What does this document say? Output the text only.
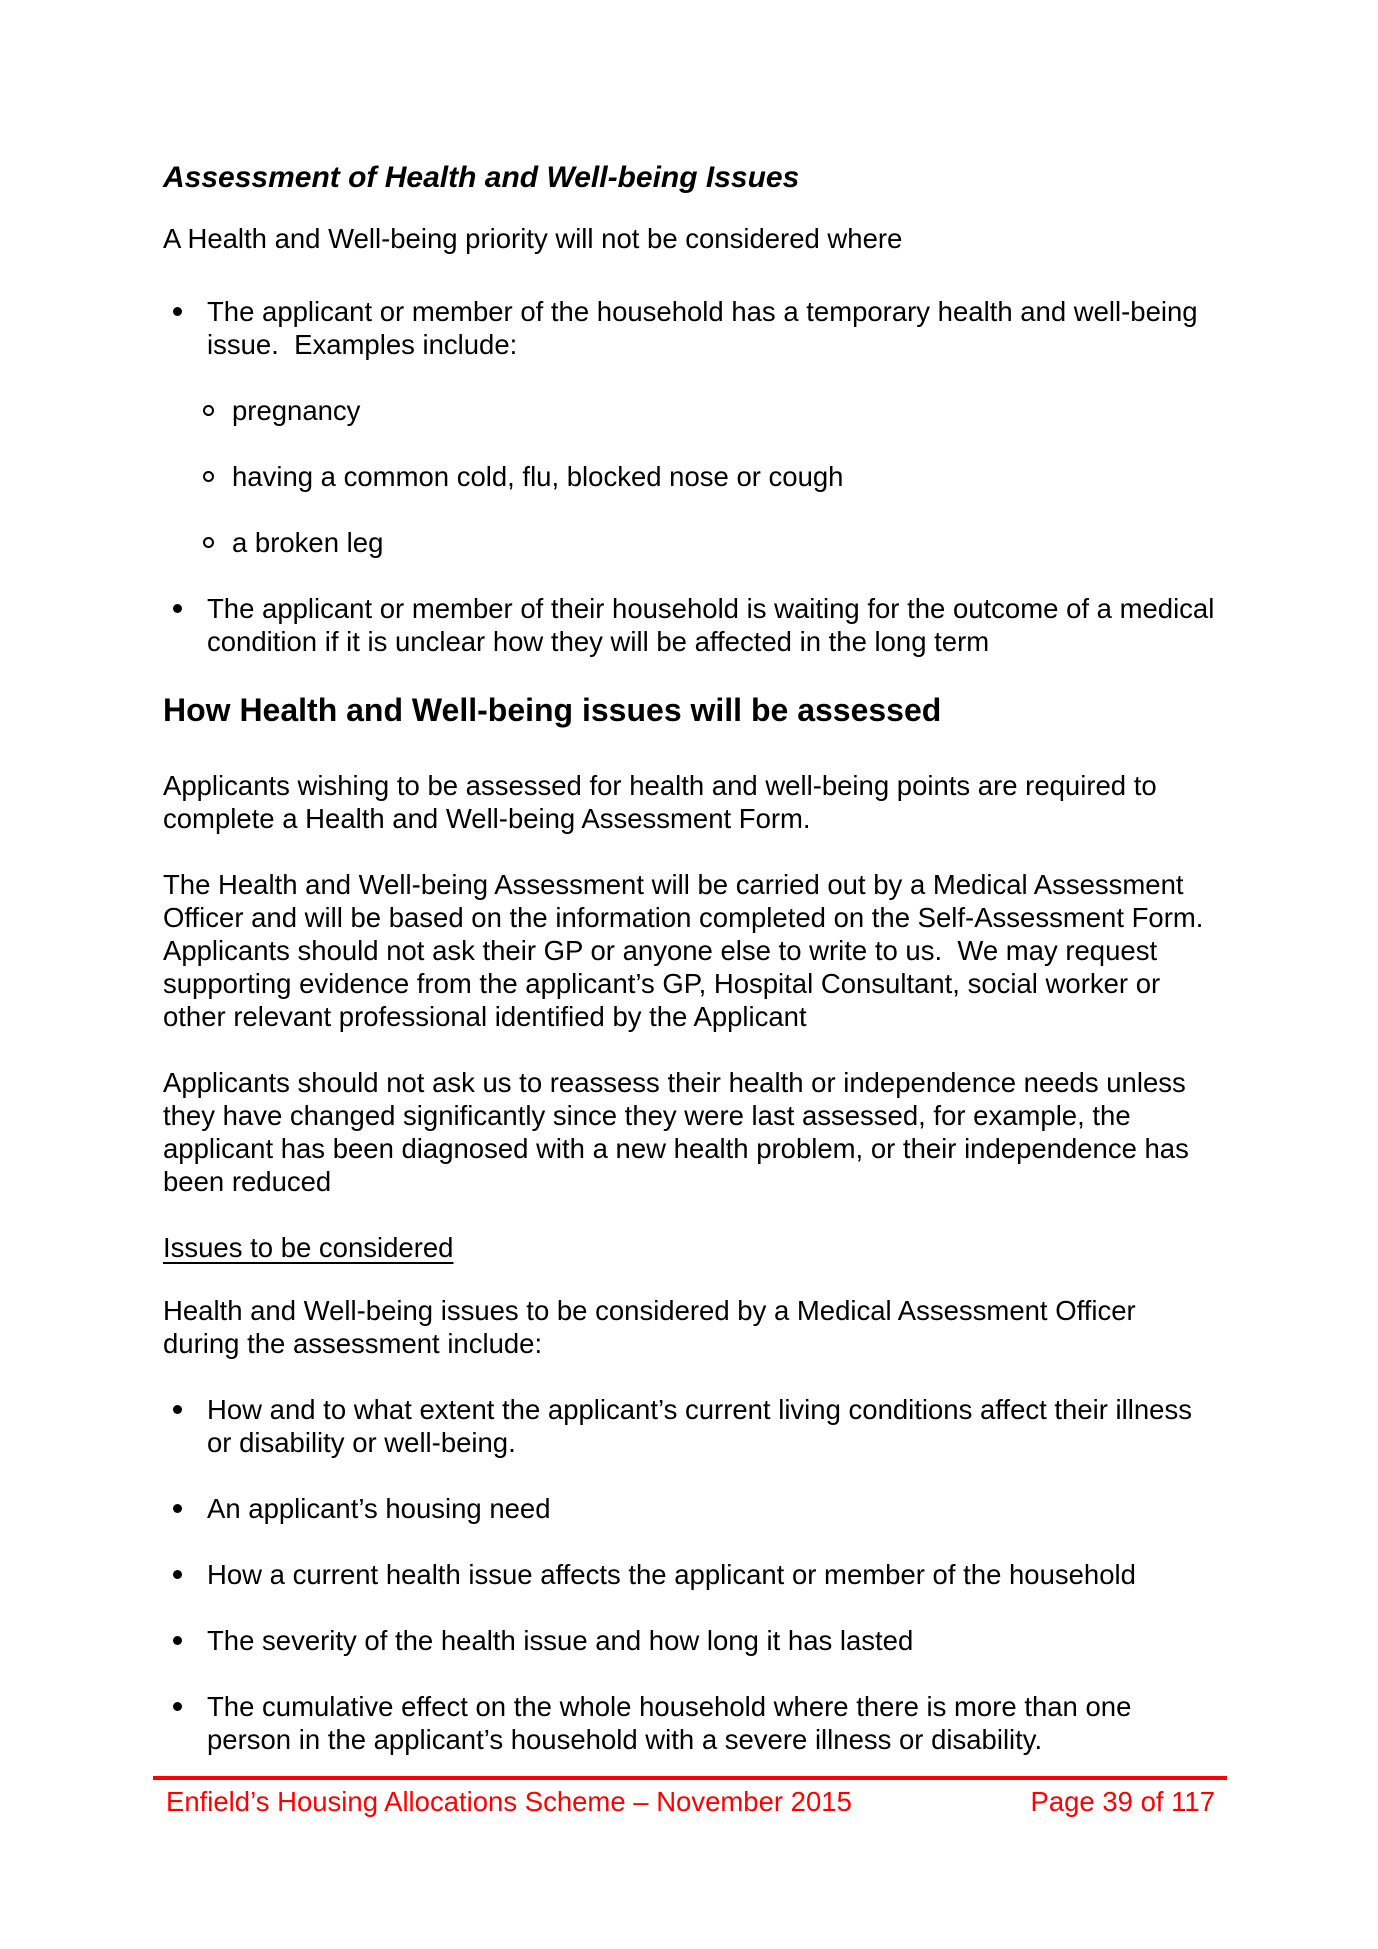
Assessment of Health and Well-being Issues

A Health and Well-being priority will not be considered where

The applicant or member of the household has a temporary health and well-being issue.  Examples include:
pregnancy
having a common cold, flu, blocked nose or cough
a broken leg
The applicant or member of their household is waiting for the outcome of a medical condition if it is unclear how they will be affected in the long term
How Health and Well-being issues will be assessed

Applicants wishing to be assessed for health and well-being points are required to complete a Health and Well-being Assessment Form.

The Health and Well-being Assessment will be carried out by a Medical Assessment Officer and will be based on the information completed on the Self-Assessment Form.  Applicants should not ask their GP or anyone else to write to us.  We may request supporting evidence from the applicant’s GP, Hospital Consultant, social worker or other relevant professional identified by the Applicant

Applicants should not ask us to reassess their health or independence needs unless they have changed significantly since they were last assessed, for example, the applicant has been diagnosed with a new health problem, or their independence has been reduced

Issues to be considered

Health and Well-being issues to be considered by a Medical Assessment Officer during the assessment include:

How and to what extent the applicant’s current living conditions affect their illness or disability or well-being.
An applicant’s housing need
How a current health issue affects the applicant or member of the household
The severity of the health issue and how long it has lasted
The cumulative effect on the whole household where there is more than one person in the applicant’s household with a severe illness or disability.
Enfield’s Housing Allocations Scheme – November 2015	Page 39 of 117
